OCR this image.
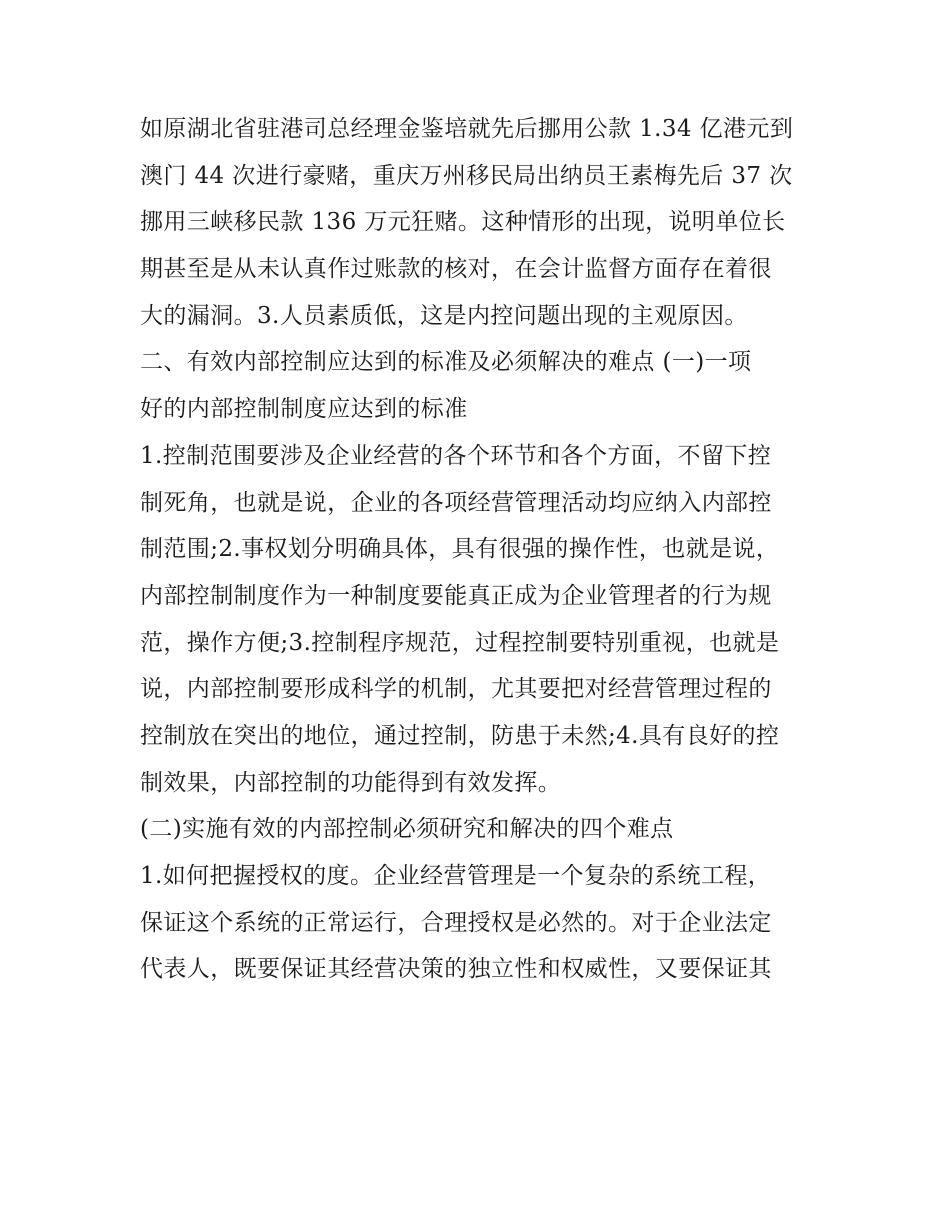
如原湖北省驻港司总经理金鉴培就先后挪用公款 1.34 亿港元到
澳门 44 次进行豪赌，重庆万州移民局出纳员王素梅先后 37 次
挪用三峡移民款 136 万元狂赌。这种情形的出现，说明单位长
期甚至是从未认真作过账款的核对，在会计监督方面存在着很
大的漏洞。3.人员素质低，这是内控问题出现的主观原因。
二、有效内部控制应达到的标准及必须解决的难点 (一)一项
好的内部控制制度应达到的标准
1.控制范围要涉及企业经营的各个环节和各个方面，不留下控
制死角，也就是说，企业的各项经营管理活动均应纳入内部控
制范围;2.事权划分明确具体，具有很强的操作性，也就是说，
内部控制制度作为一种制度要能真正成为企业管理者的行为规
范，操作方便;3.控制程序规范，过程控制要特别重视，也就是
说，内部控制要形成科学的机制，尤其要把对经营管理过程的
控制放在突出的地位，通过控制，防患于未然;4.具有良好的控
制效果，内部控制的功能得到有效发挥。
(二)实施有效的内部控制必须研究和解决的四个难点
1.如何把握授权的度。企业经营管理是一个复杂的系统工程，
保证这个系统的正常运行，合理授权是必然的。对于企业法定
代表人，既要保证其经营决策的独立性和权威性，又要保证其
